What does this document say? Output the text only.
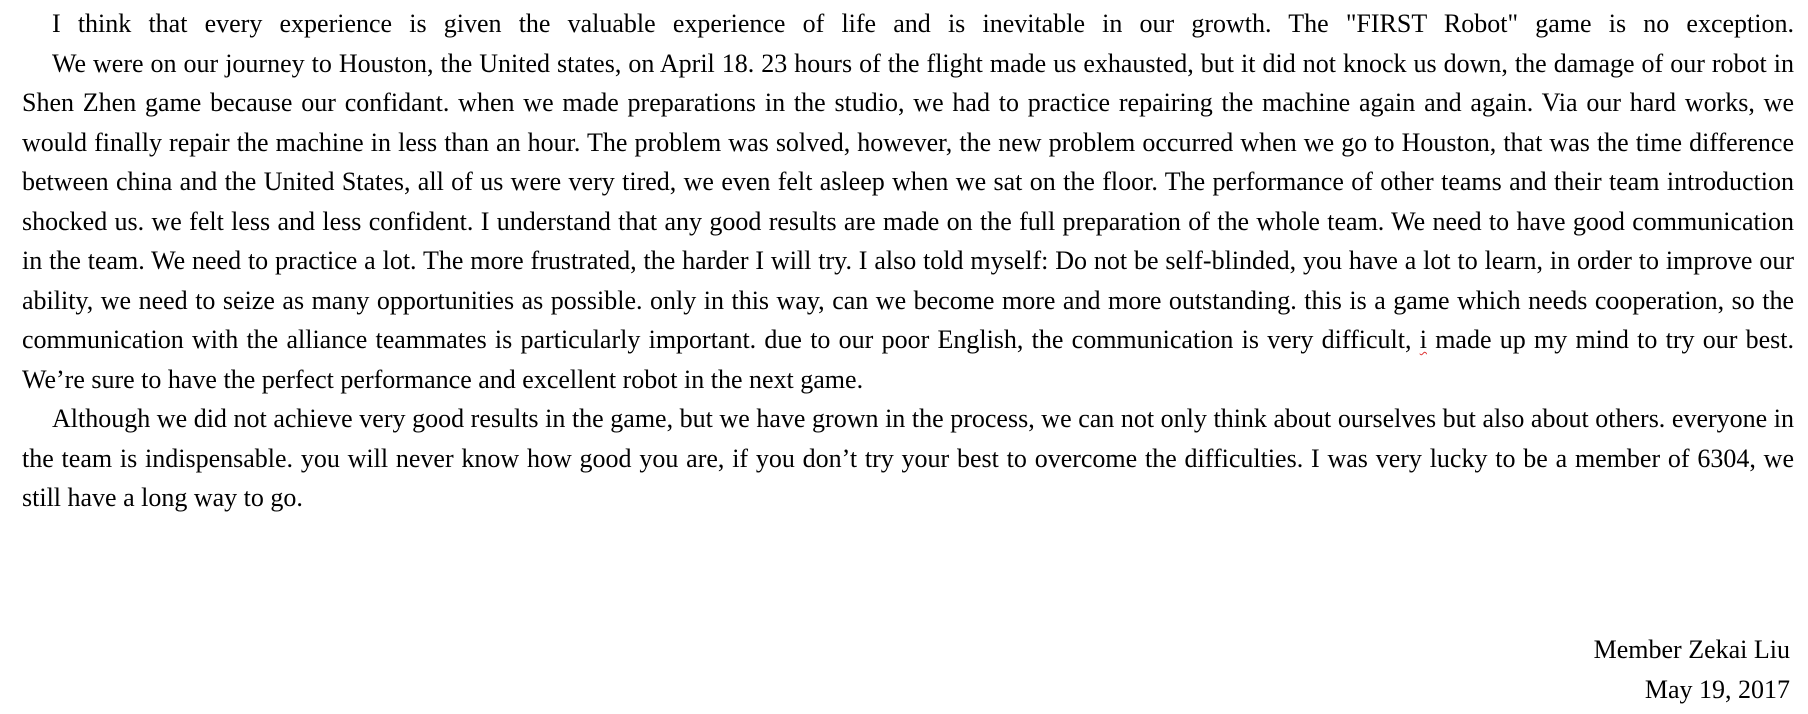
I think that every experience is given the valuable experience of life and is inevitable in our growth. The "FIRST Robot" game is no exception.

We were on our journey to Houston, the United states, on April 18. 23 hours of the flight made us exhausted, but it did not knock us down, the damage of our robot in Shen Zhen game because our confidant. when we made preparations in the studio, we had to practice repairing the machine again and again. Via our hard works, we would finally repair the machine in less than an hour. The problem was solved, however, the new problem occurred when we go to Houston, that was the time difference between china and the United States, all of us were very tired, we even felt asleep when we sat on the floor. The performance of other teams and their team introduction shocked us. we felt less and less confident. I understand that any good results are made on the full preparation of the whole team. We need to have good communication in the team. We need to practice a lot. The more frustrated, the harder I will try. I also told myself: Do not be self-blinded, you have a lot to learn, in order to improve our ability, we need to seize as many opportunities as possible. only in this way, can we become more and more outstanding. this is a game which needs cooperation, so the communication with the alliance teammates is particularly important. due to our poor English, the communication is very difficult, i made up my mind to try our best. We’re sure to have the perfect performance and excellent robot in the next game.

Although we did not achieve very good results in the game, but we have grown in the process, we can not only think about ourselves but also about others. everyone in the team is indispensable. you will never know how good you are, if you don’t try your best to overcome the difficulties. I was very lucky to be a member of 6304, we still have a long way to go.

Member Zekai Liu
May 19, 2017
